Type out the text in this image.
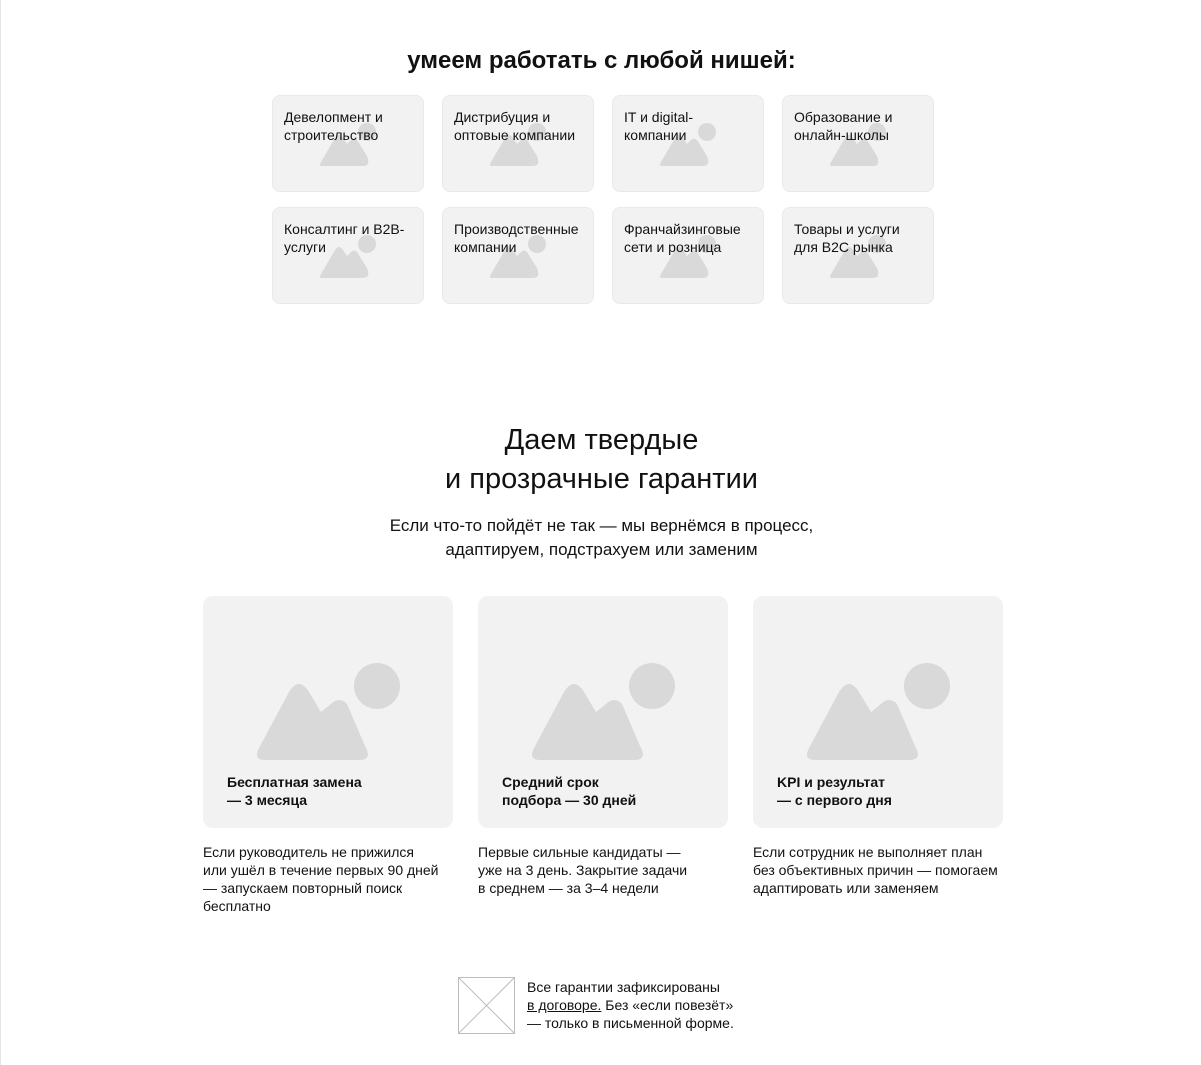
умеем работать с любой нишей:
Девелопмент и строительство
Дистрибуция и оптовые компании
IT и digital-компании
Образование и онлайн-школы
Консалтинг и B2B-услуги
Производственные компании
Франчайзинговые сети и розница
Товары и услуги для B2C рынка
Даем твердые
и прозрачные гарантии

Если что-то пойдёт не так — мы вернёмся в процесс,
адаптируем, подстрахуем или заменим

Бесплатная замена
— 3 месяца

Если руководитель не прижился
или ушёл в течение первых 90 дней
— запускаем повторный поиск
бесплатно

Средний срок
подбора — 30 дней

Первые сильные кандидаты —
уже на 3 день. Закрытие задачи
в среднем — за 3–4 недели

KPI и результат
— с первого дня

Если сотрудник не выполняет план
без объективных причин — помогаем
адаптировать или заменяем

Все гарантии зафиксированы
в договоре. Без «если повезёт»
— только в письменной форме.
